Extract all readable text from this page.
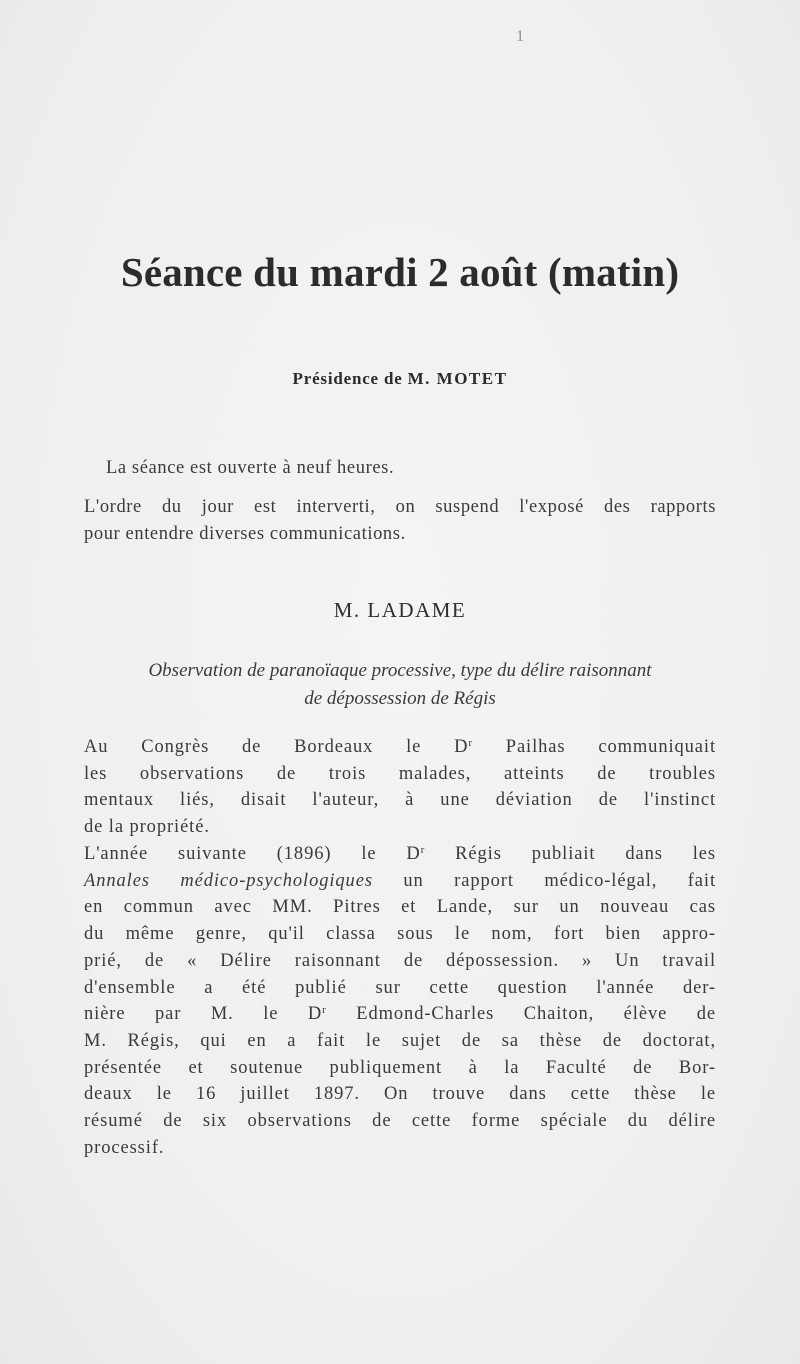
1
Séance du mardi 2 août (matin)
Présidence de M. MOTET
La séance est ouverte à neuf heures.
L'ordre du jour est interverti, on suspend l'exposé des rapports
pour entendre diverses communications.
M. LADAME
Observation de paranoïaque processive, type du délire raisonnant
de dépossession de Régis
Au Congrès de Bordeaux le $D^r$ Pailhas communiquait
les observations de trois malades, atteints de troubles
mentaux liés, disait l'auteur, à une déviation de l'instinct
de la propriété.
L'année suivante (1896) le $D^r$ Régis publiait dans les
Annales médico-psychologiques un rapport médico-légal, fait
en commun avec MM. Pitres et Lande, sur un nouveau cas
du même genre, qu'il classa sous le nom, fort bien appro-
prié, de « Délire raisonnant de dépossession. » Un travail
d'ensemble a été publié sur cette question l'année der-
nière par M. le $D^r$ Edmond-Charles Chaiton, élève de
M. Régis, qui en a fait le sujet de sa thèse de doctorat,
présentée et soutenue publiquement à la Faculté de Bor-
deaux le 16 juillet 1897. On trouve dans cette thèse le
résumé de six observations de cette forme spéciale du délire
processif.
